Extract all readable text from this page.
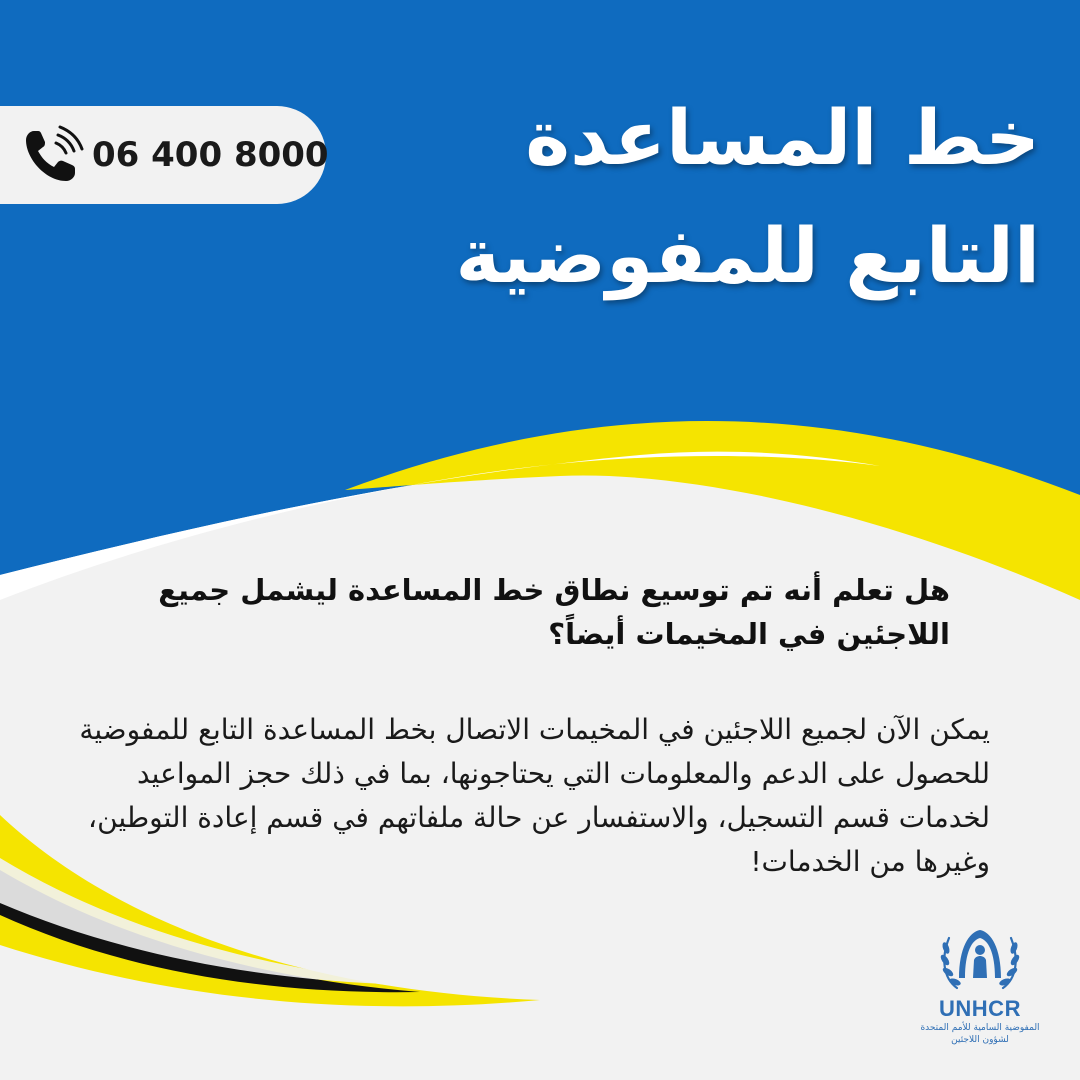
خط المساعدة
التابع للمفوضية
06 400 8000

هل تعلم أنه تم توسيع نطاق خط المساعدة ليشمل جميع اللاجئين في المخيمات أيضاً؟

يمكن الآن لجميع اللاجئين في المخيمات الاتصال بخط المساعدة التابع للمفوضية للحصول على الدعم والمعلومات التي يحتاجونها، بما في ذلك حجز المواعيد لخدمات قسم التسجيل، والاستفسار عن حالة ملفاتهم في قسم إعادة التوطين، وغيرها من الخدمات!

UNHCR
المفوضية السامية للأمم المتحدة
لشؤون اللاجئين
